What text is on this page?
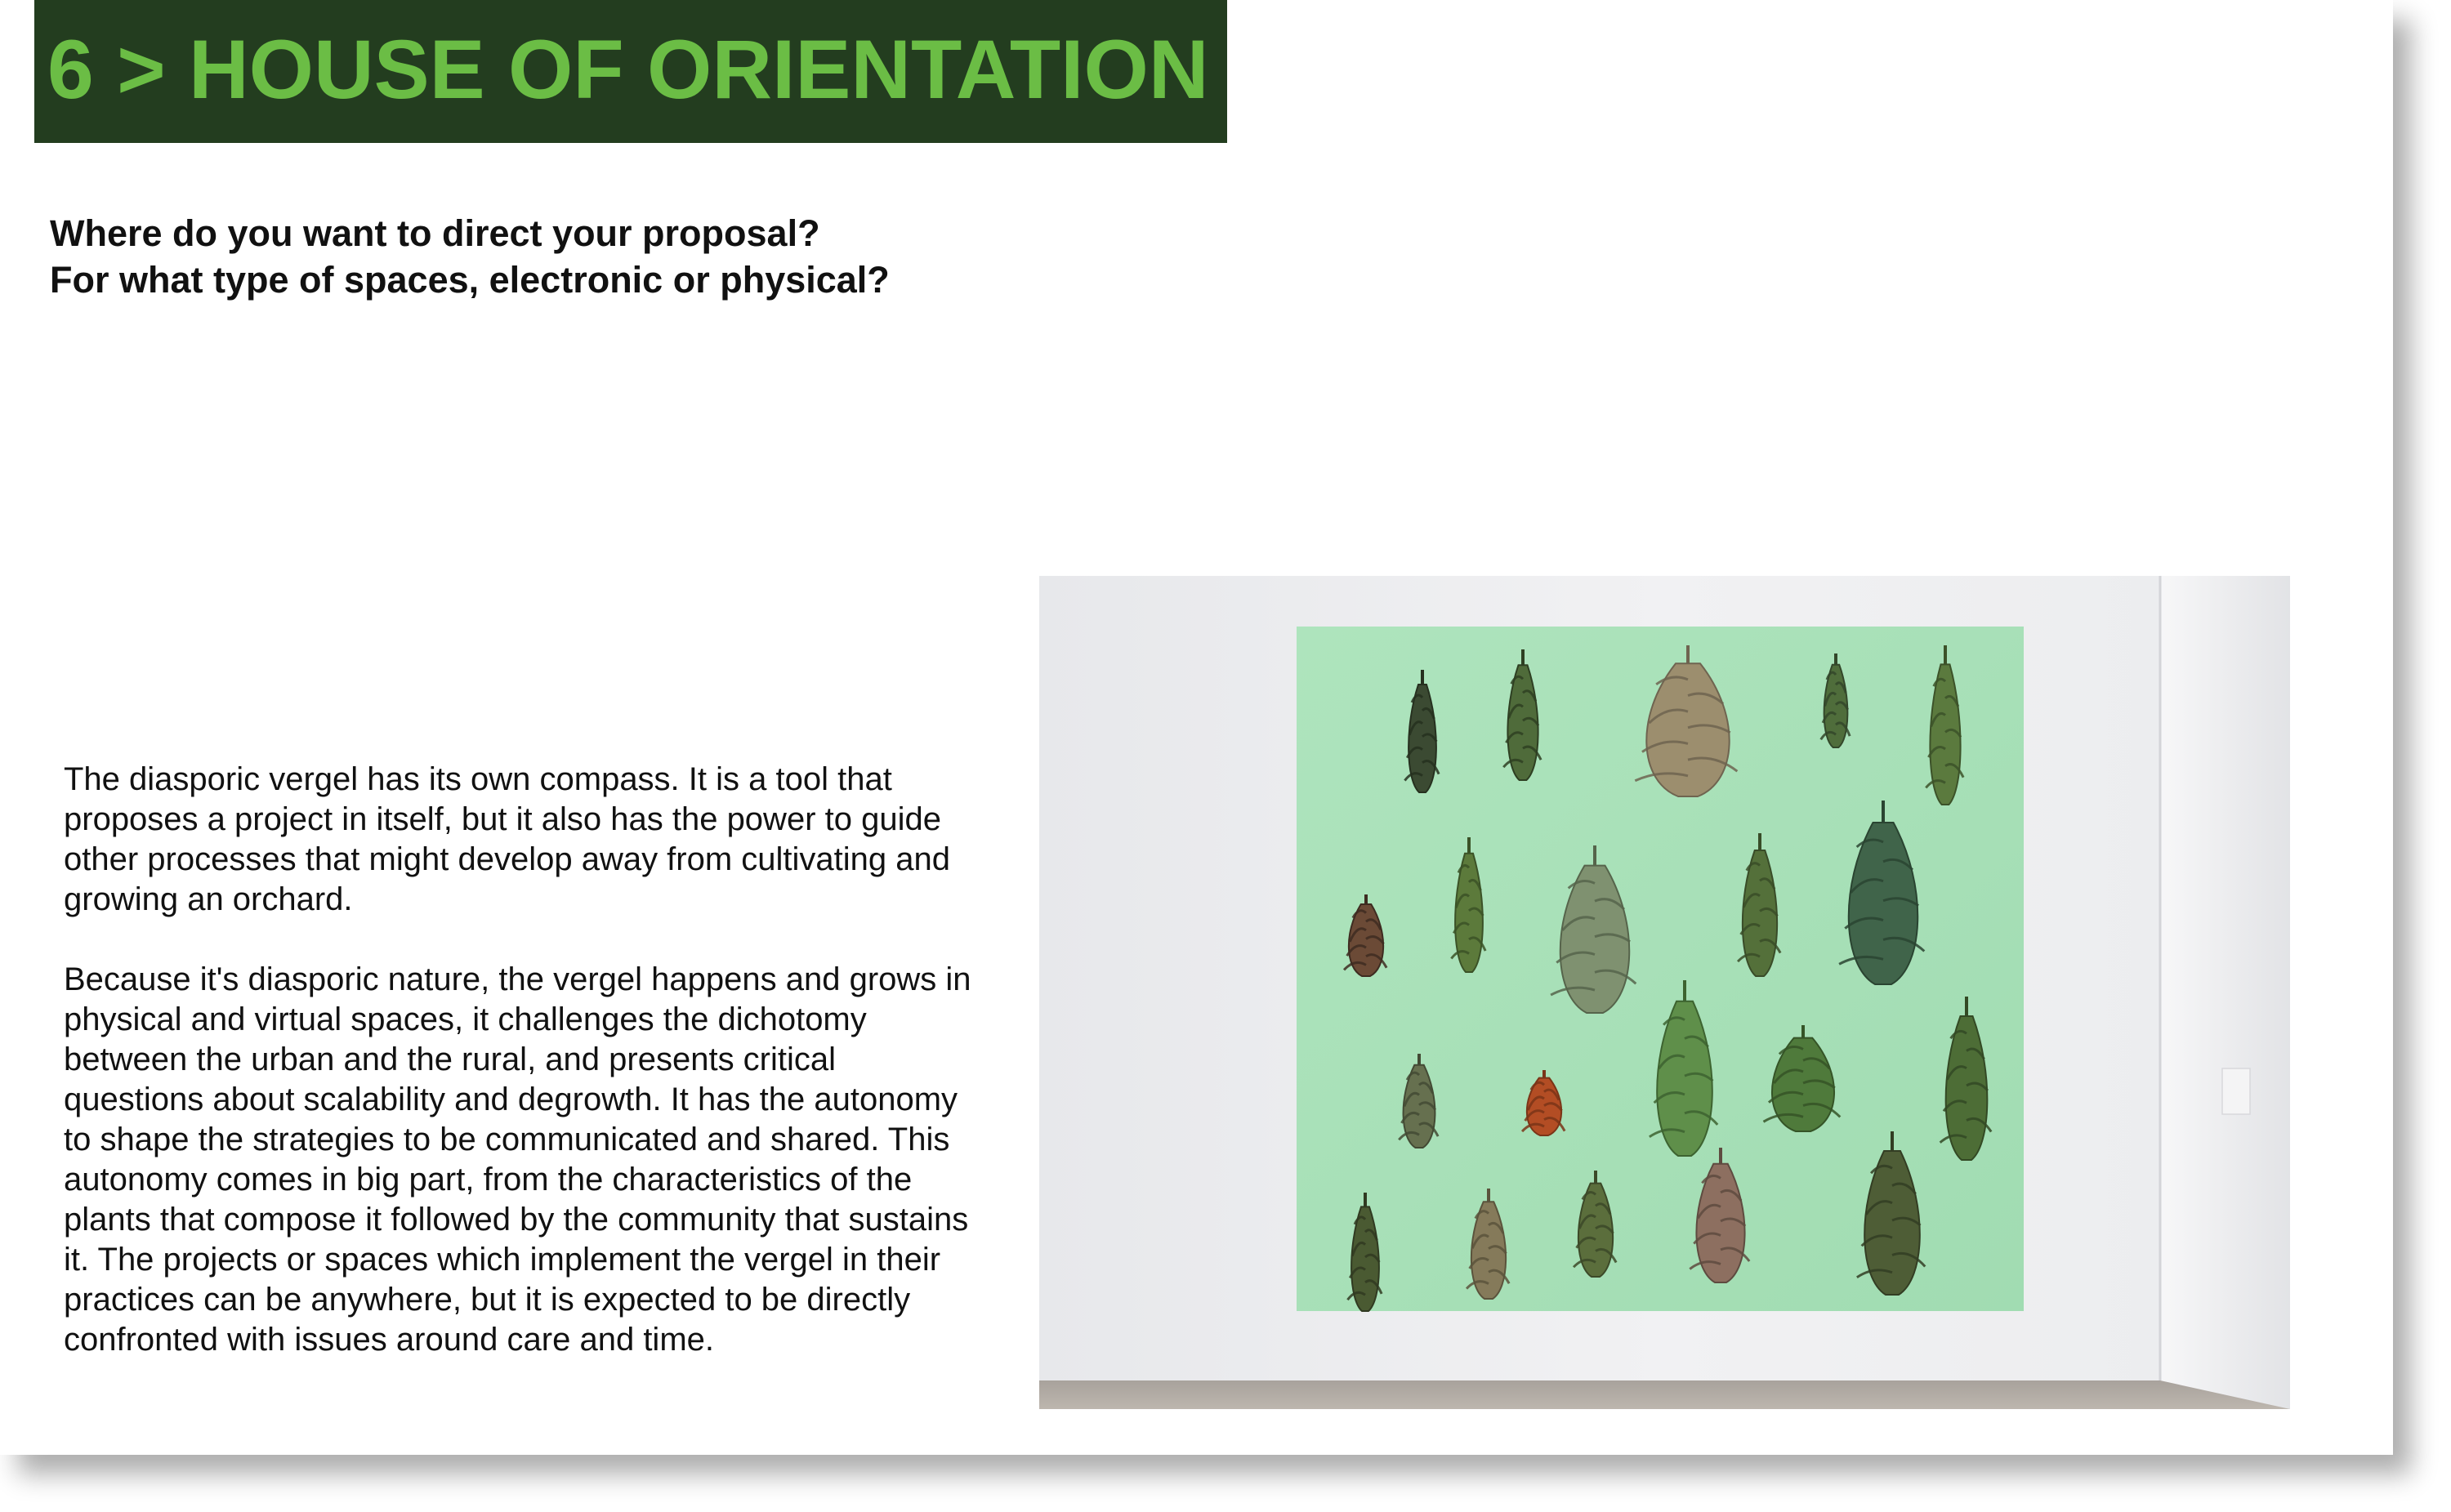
6 > HOUSE OF ORIENTATION
Where do you want to direct your proposal?
For what type of spaces, electronic or physical?

The diasporic vergel has its own compass. It is a tool that proposes a project in itself, but it also has the power to guide other processes that might develop away from cultivating and growing an orchard.

Because it's diasporic nature, the vergel happens and grows in physical and virtual spaces, it challenges the dichotomy between the urban and the rural, and presents critical questions about scalability and degrowth. It has the autonomy to shape the strategies to be communicated and shared. This autonomy comes in big part, from the characteristics of the plants that compose it followed by the community that sustains it. The projects or spaces which implement the vergel in their practices can be anywhere, but it is expected to be directly confronted with issues around care and time.
